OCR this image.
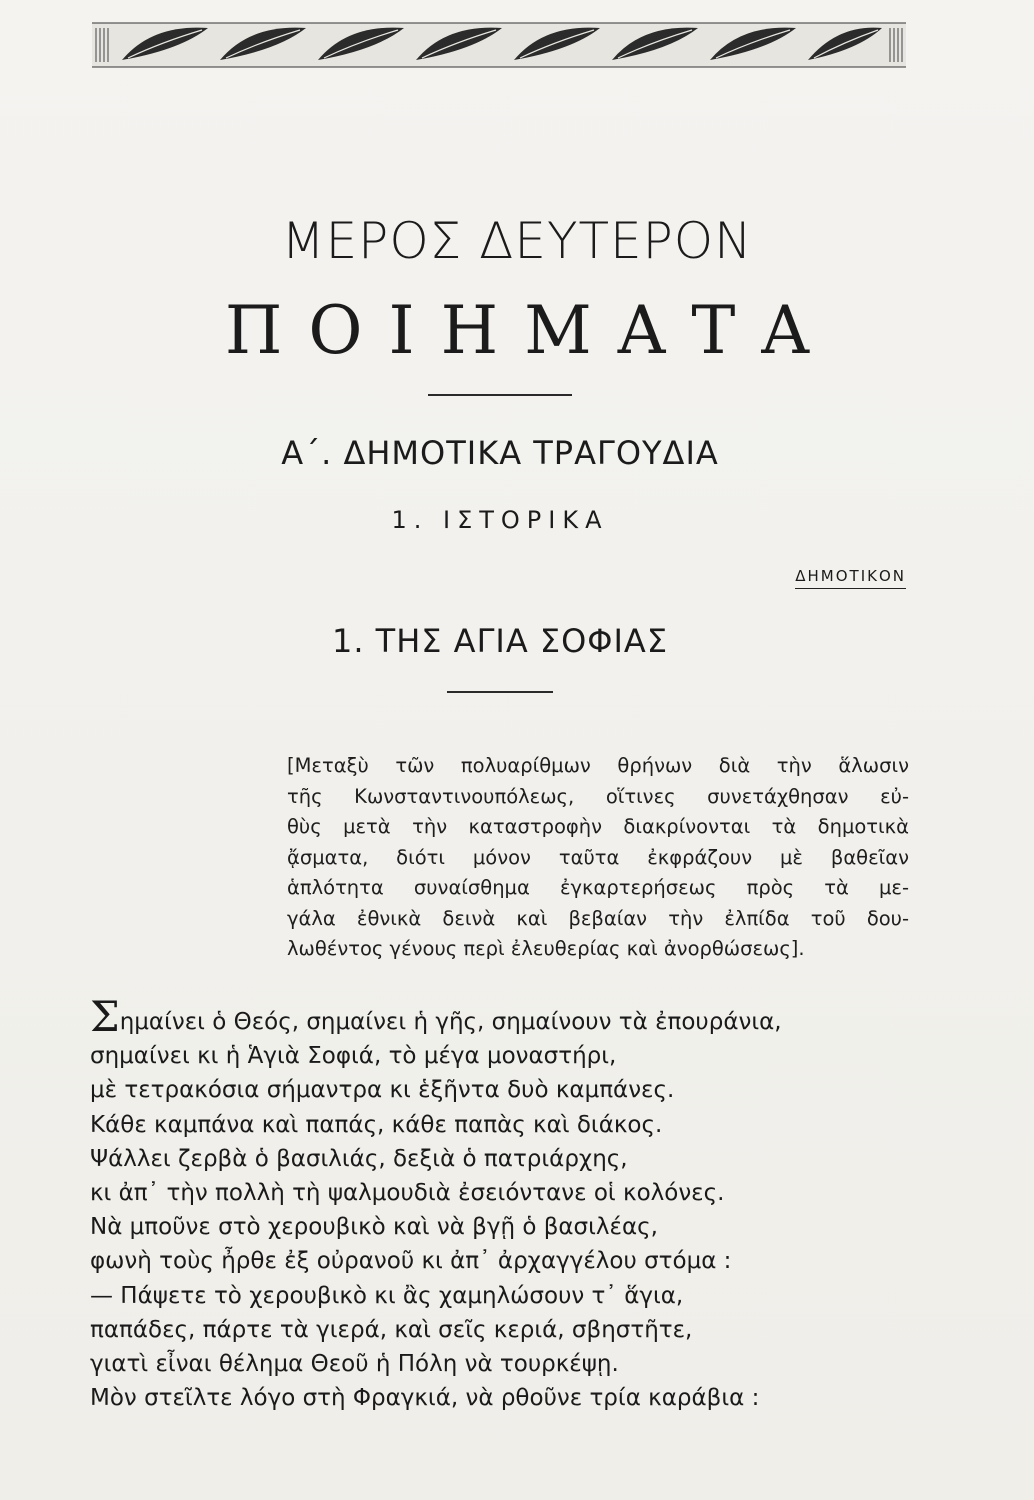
ΜΕΡΟΣ ΔΕΥΤΕΡΟΝ
ΠΟΙΗΜΑΤΑ
Α΄. ΔΗΜΟΤΙΚΑ ΤΡΑΓΟΥΔΙΑ
1. ΙΣΤΟΡΙΚΑ
ΔΗΜΟΤΙΚΟΝ
1. ΤΗΣ ΑΓΙΑ ΣΟΦΙΑΣ
[Μεταξὺ τῶν πολυαρίθμων θρήνων διὰ τὴν ἅλωσιν
τῆς Κωνσταντινουπόλεως, οἵτινες συνετάχθησαν εὐ-
θὺς μετὰ τὴν καταστροφὴν διακρίνονται τὰ δημοτικὰ
ᾄσματα, διότι μόνον ταῦτα ἐκφράζουν μὲ βαθεῖαν
ἁπλότητα συναίσθημα ἐγκαρτερήσεως πρὸς τὰ με-
γάλα ἐθνικὰ δεινὰ καὶ βεβαίαν τὴν ἐλπίδα τοῦ δου-
λωθέντος γένους περὶ ἐλευθερίας καὶ ἀνορθώσεως].
Σημαίνει ὁ Θεός, σημαίνει ἡ γῆς, σημαίνουν τὰ ἐπουράνια,
σημαίνει κι ἡ Ἁγιὰ Σοφιά, τὸ μέγα μοναστήρι,
μὲ τετρακόσια σήμαντρα κι ἑξῆντα δυὸ καμπάνες.
Κάθε καμπάνα καὶ παπάς, κάθε παπὰς καὶ διάκος.
Ψάλλει ζερβὰ ὁ βασιλιάς, δεξιὰ ὁ πατριάρχης,
κι ἀπ᾿ τὴν πολλὴ τὴ ψαλμουδιὰ ἐσειόντανε οἱ κολόνες.
Νὰ μποῦνε στὸ χερουβικὸ καὶ νὰ βγῇ ὁ βασιλέας,
φωνὴ τοὺς ἦρθε ἐξ οὐρανοῦ κι ἀπ᾿ ἀρχαγγέλου στόμα :
— Πάψετε τὸ χερουβικὸ κι ἂς χαμηλώσουν τ᾿ ἅγια,
παπάδες, πάρτε τὰ γιερά, καὶ σεῖς κεριά, σβηστῆτε,
γιατὶ εἶναι θέλημα Θεοῦ ἡ Πόλη νὰ τουρκέψῃ.
Μὸν στεῖλτε λόγο στὴ Φραγκιά, νὰ ρθοῦνε τρία καράβια :
